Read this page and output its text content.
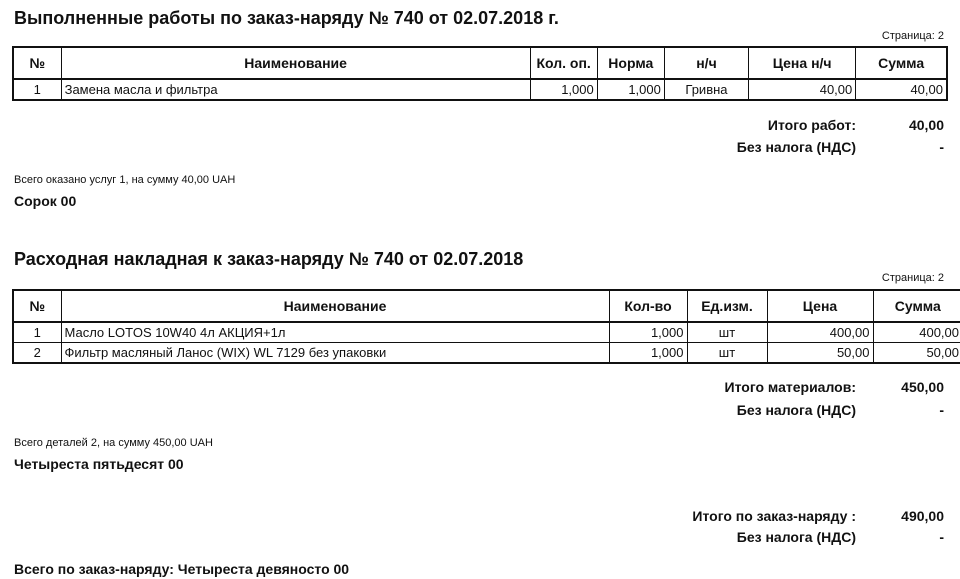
Выполненные работы по заказ-наряду № 740 от 02.07.2018 г.
Страница: 2
№	Наименование	Кол. оп.	Норма	н/ч	Цена н/ч	Сумма
1	Замена масла и фильтра	1,000	1,000	Гривна	40,00	40,00
Итого работ:	40,00
Без налога (НДС)	-
Всего оказано услуг 1, на сумму 40,00 UAH
Сорок 00
Расходная накладная к заказ-наряду № 740 от 02.07.2018
Страница: 2
№	Наименование	Кол-во	Ед.изм.	Цена	Сумма
1	Масло LOTOS 10W40 4л АКЦИЯ+1л	1,000	шт	400,00	400,00
2	Фильтр масляный Ланос (WIX) WL 7129 без упаковки	1,000	шт	50,00	50,00
Итого материалов:	450,00
Без налога (НДС)	-
Всего деталей 2, на сумму 450,00 UAH
Четыреста пятьдесят 00
Итого по заказ-наряду :	490,00
Без налога (НДС)	-
Всего по заказ-наряду: Четыреста девяносто 00
